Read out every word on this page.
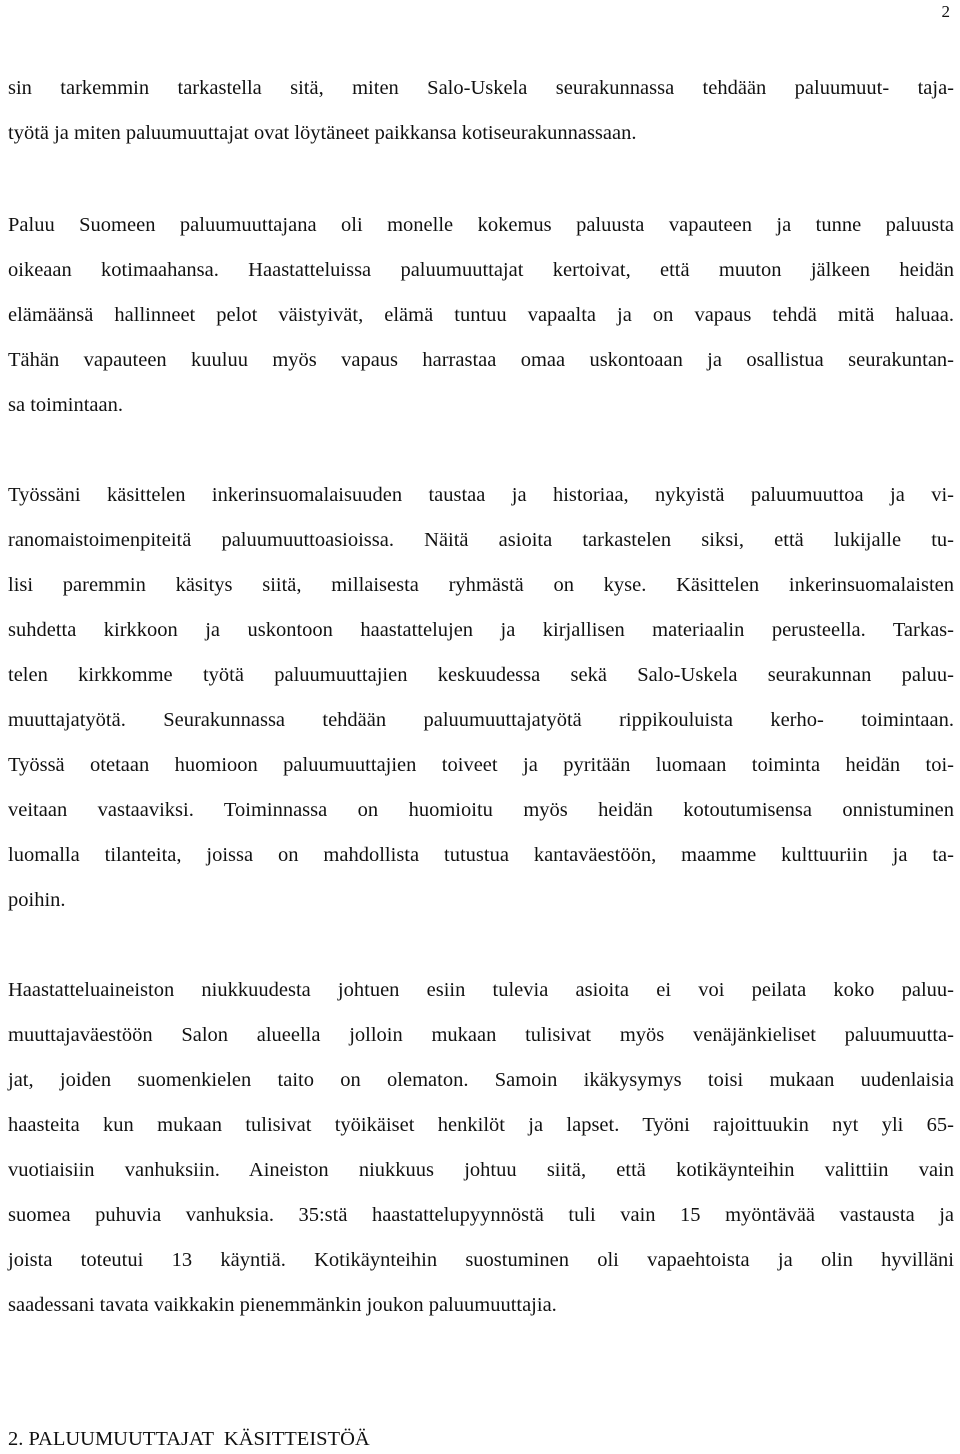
2
sin tarkemmin tarkastella sitä, miten Salo-Uskela seurakunnassa tehdään paluumuut- taja-
työtä ja miten paluumuuttajat ovat löytäneet paikkansa kotiseurakunnassaan.
Paluu Suomeen paluumuuttajana oli monelle kokemus paluusta vapauteen ja tunne paluusta
oikeaan kotimaahansa. Haastatteluissa paluumuuttajat kertoivat, että muuton jälkeen heidän
elämäänsä hallinneet pelot väistyivät, elämä tuntuu vapaalta ja on vapaus tehdä mitä haluaa.
Tähän vapauteen kuuluu myös vapaus harrastaa omaa uskontoaan ja osallistua seurakuntan-
sa toimintaan.
Työssäni käsittelen inkerinsuomalaisuuden taustaa ja historiaa, nykyistä paluumuuttoa ja vi-
ranomaistoimenpiteitä paluumuuttoasioissa. Näitä asioita tarkastelen siksi, että lukijalle tu-
lisi paremmin käsitys siitä, millaisesta ryhmästä on kyse. Käsittelen inkerinsuomalaisten
suhdetta kirkkoon ja uskontoon haastattelujen ja kirjallisen materiaalin perusteella. Tarkas-
telen kirkkomme työtä paluumuuttajien keskuudessa sekä Salo-Uskela seurakunnan paluu-
muuttajatyötä. Seurakunnassa tehdään paluumuuttajatyötä rippikouluista kerho- toimintaan.
Työssä otetaan huomioon paluumuuttajien toiveet ja pyritään luomaan toiminta heidän toi-
veitaan vastaaviksi. Toiminnassa on huomioitu myös heidän kotoutumisensa onnistuminen
luomalla tilanteita, joissa on mahdollista tutustua kantaväestöön, maamme kulttuuriin ja ta-
poihin.
Haastatteluaineiston niukkuudesta johtuen esiin tulevia asioita ei voi peilata koko paluu-
muuttajaväestöön Salon alueella jolloin mukaan tulisivat myös venäjänkieliset paluumuutta-
jat, joiden suomenkielen taito on olematon. Samoin ikäkysymys toisi mukaan uudenlaisia
haasteita kun mukaan tulisivat työikäiset henkilöt ja lapset. Työni rajoittuukin nyt yli 65-
vuotiaisiin vanhuksiin. Aineiston niukkuus johtuu siitä, että kotikäynteihin valittiin vain
suomea puhuvia vanhuksia. 35:stä haastattelupyynnöstä tuli vain 15 myöntävää vastausta ja
joista toteutui 13 käyntiä. Kotikäynteihin suostuminen oli vapaehtoista ja olin hyvilläni
saadessani tavata vaikkakin pienemmänkin joukon paluumuuttajia.
2. PALUUMUUTTAJAT  KÄSITTEISTÖÄ
